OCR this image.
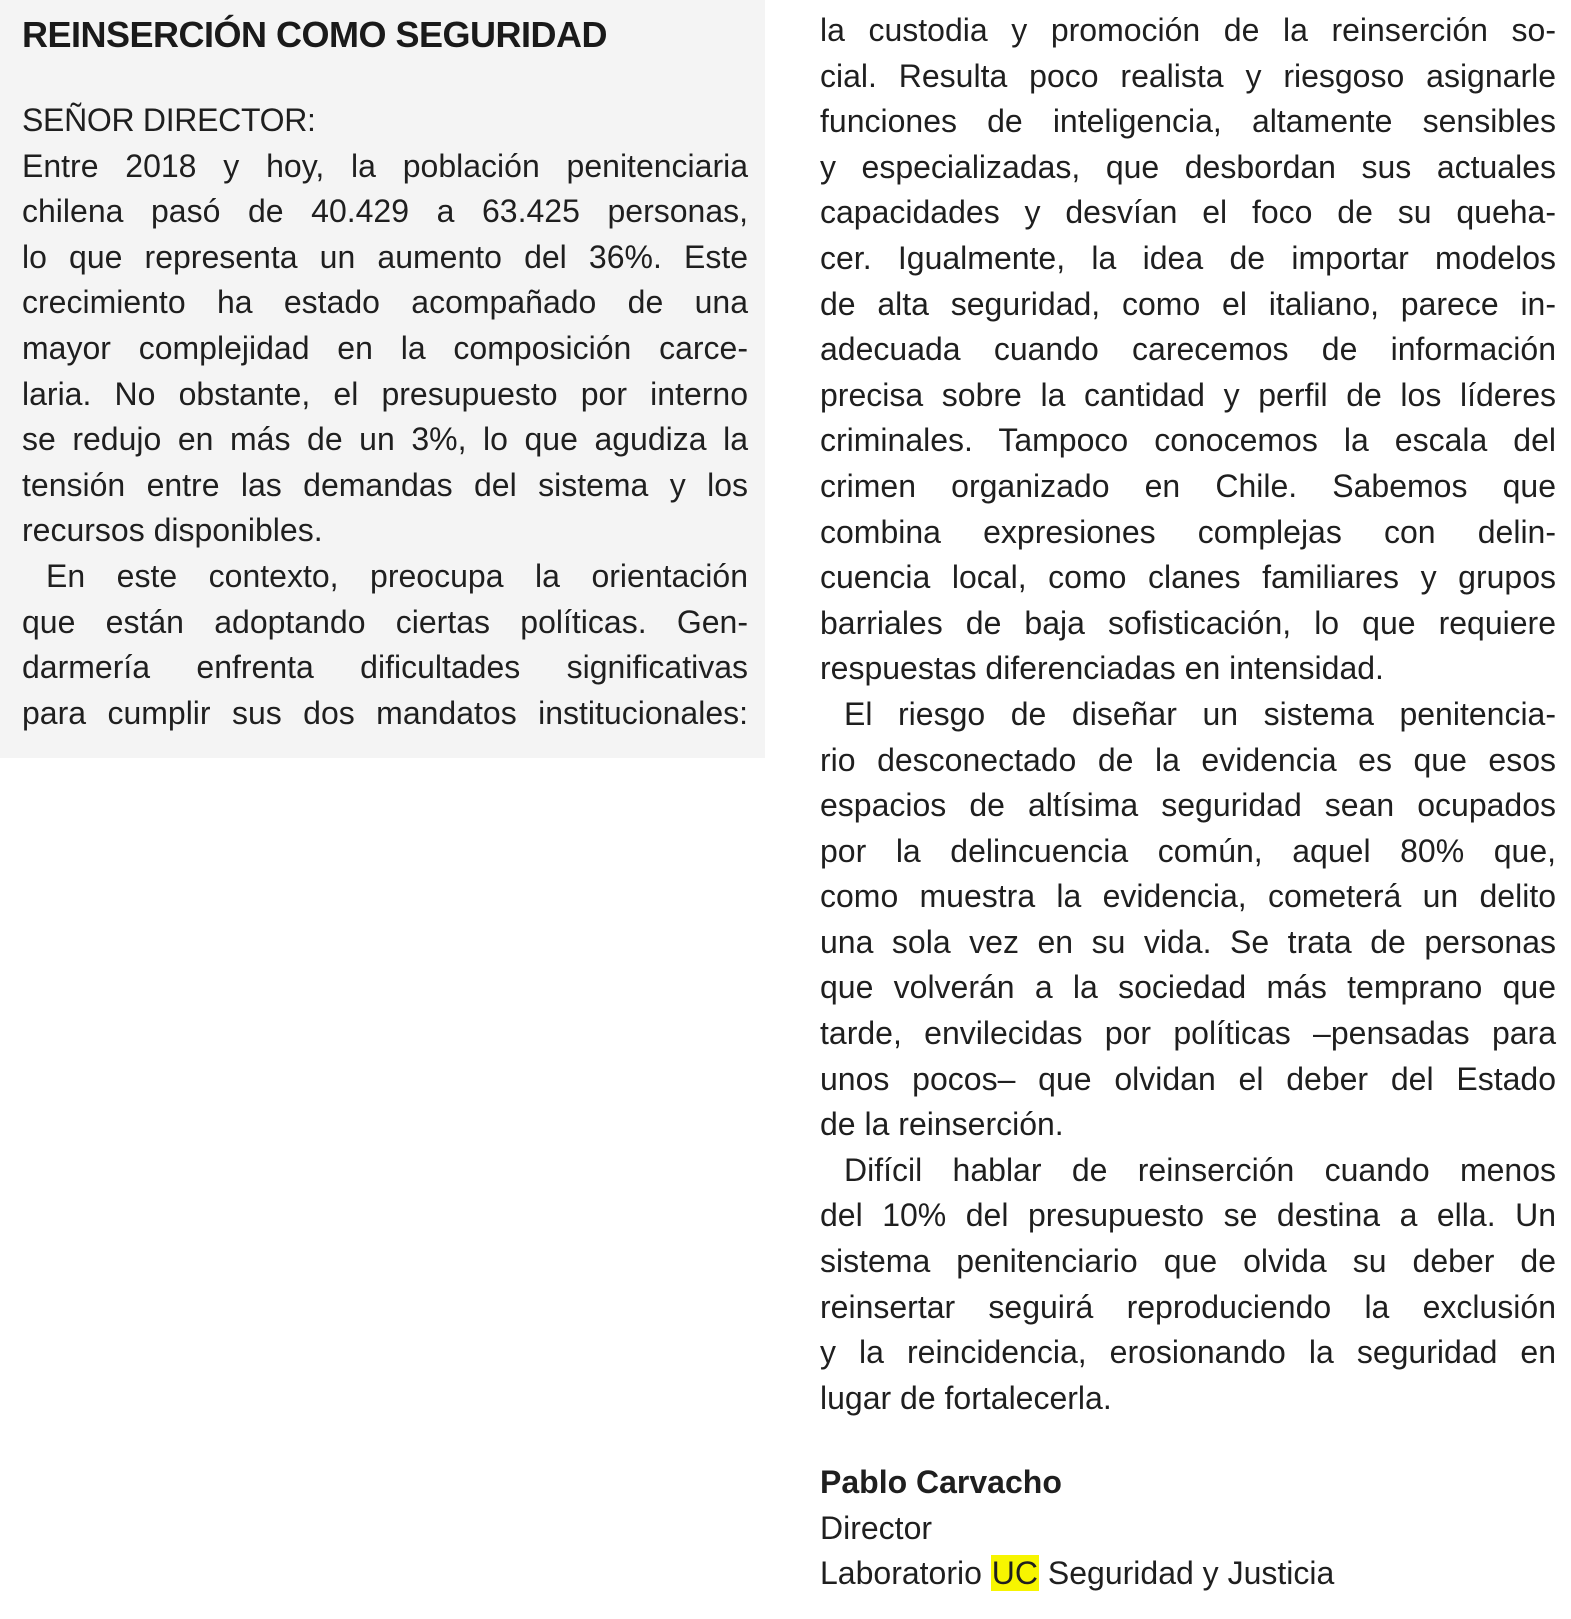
REINSERCIÓN COMO SEGURIDAD
SEÑOR DIRECTOR:
Entre 2018 y hoy, la población penitenciaria
chilena pasó de 40.429 a 63.425 personas,
lo que representa un aumento del 36%. Este
crecimiento ha estado acompañado de una
mayor complejidad en la composición carce-
laria. No obstante, el presupuesto por interno
se redujo en más de un 3%, lo que agudiza la
tensión entre las demandas del sistema y los
recursos disponibles.
En este contexto, preocupa la orientación
que están adoptando ciertas políticas. Gen-
darmería enfrenta dificultades significativas
para cumplir sus dos mandatos institucionales:
la custodia y promoción de la reinserción so-
cial. Resulta poco realista y riesgoso asignarle
funciones de inteligencia, altamente sensibles
y especializadas, que desbordan sus actuales
capacidades y desvían el foco de su queha-
cer. Igualmente, la idea de importar modelos
de alta seguridad, como el italiano, parece in-
adecuada cuando carecemos de información
precisa sobre la cantidad y perfil de los líderes
criminales. Tampoco conocemos la escala del
crimen organizado en Chile. Sabemos que
combina expresiones complejas con delin-
cuencia local, como clanes familiares y grupos
barriales de baja sofisticación, lo que requiere
respuestas diferenciadas en intensidad.
El riesgo de diseñar un sistema penitencia-
rio desconectado de la evidencia es que esos
espacios de altísima seguridad sean ocupados
por la delincuencia común, aquel 80% que,
como muestra la evidencia, cometerá un delito
una sola vez en su vida. Se trata de personas
que volverán a la sociedad más temprano que
tarde, envilecidas por políticas –pensadas para
unos pocos– que olvidan el deber del Estado
de la reinserción.
Difícil hablar de reinserción cuando menos
del 10% del presupuesto se destina a ella. Un
sistema penitenciario que olvida su deber de
reinsertar seguirá reproduciendo la exclusión
y la reincidencia, erosionando la seguridad en
lugar de fortalecerla.
Pablo Carvacho
Director
Laboratorio UC Seguridad y Justicia
